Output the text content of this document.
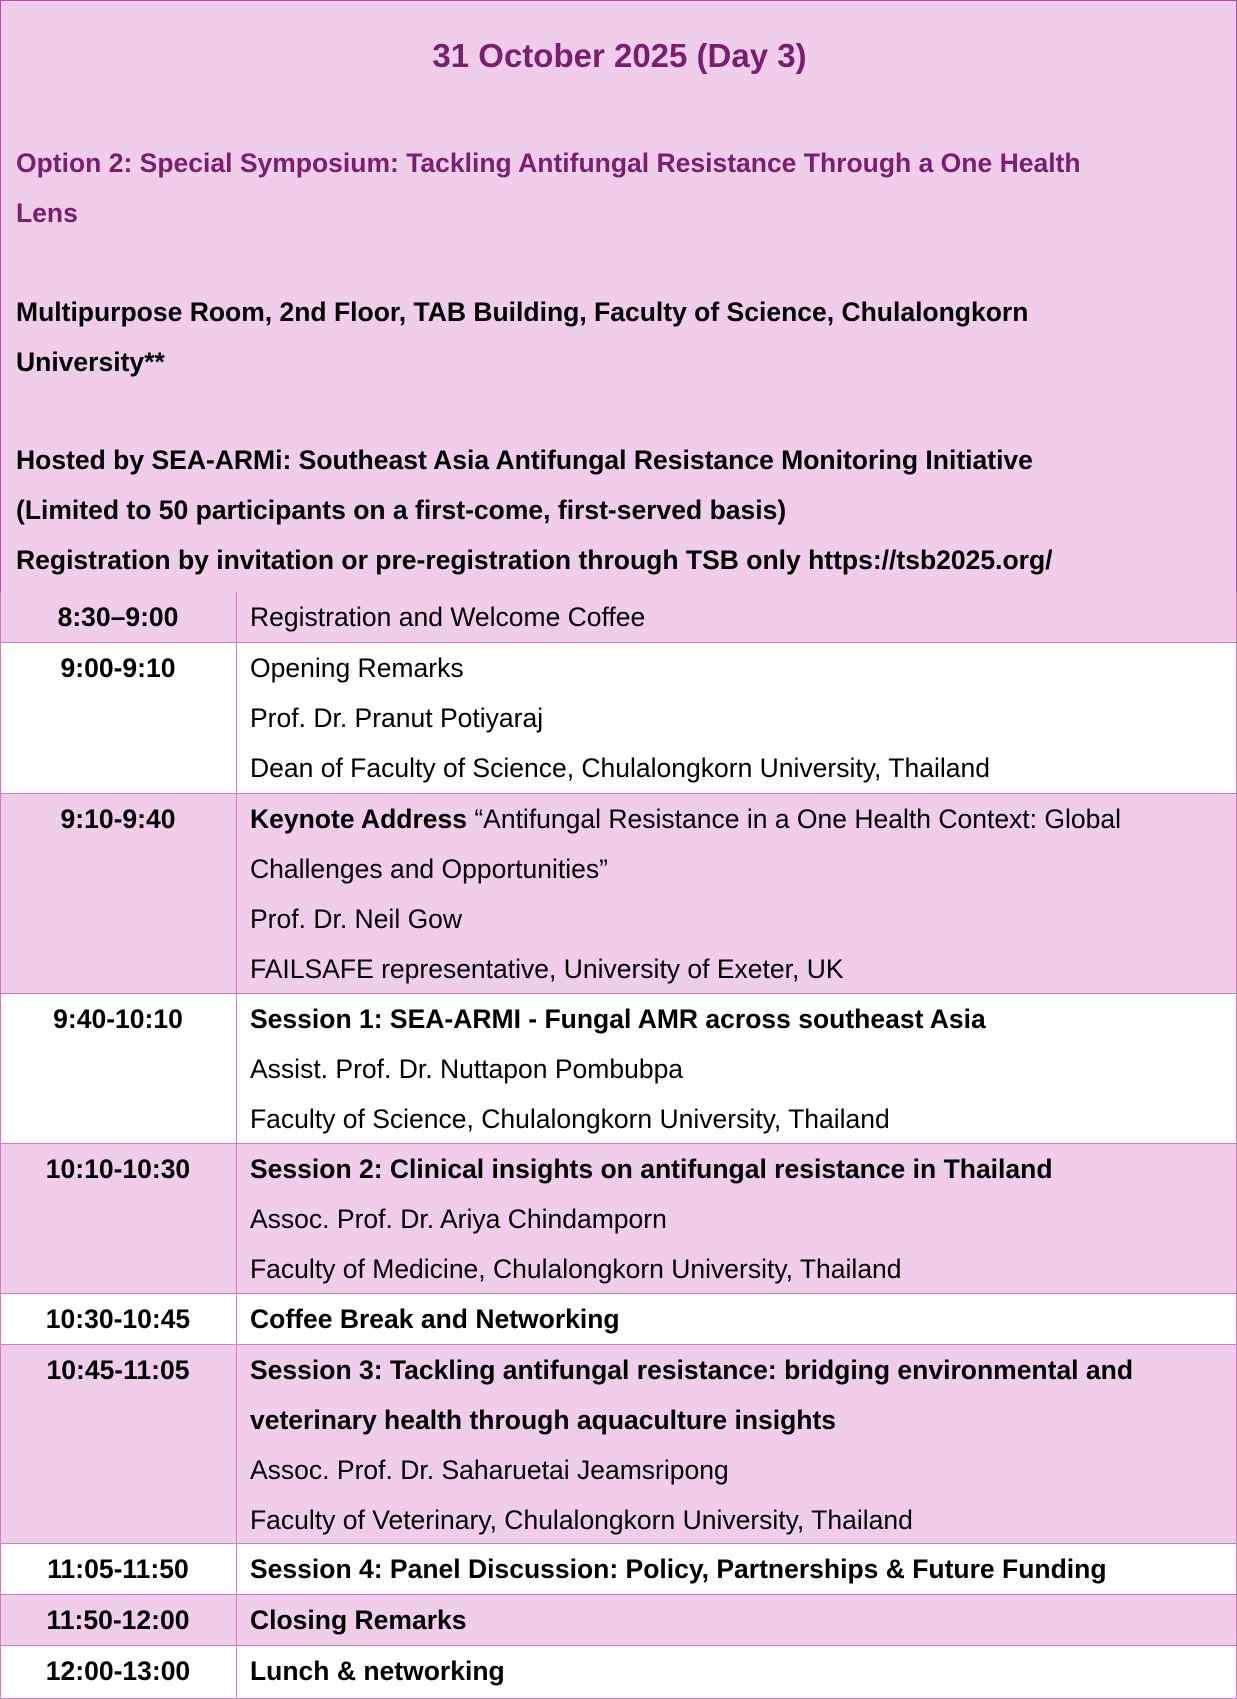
31 October 2025 (Day 3)
Option 2: Special Symposium: Tackling Antifungal Resistance Through a One Health
Lens
Multipurpose Room, 2nd Floor, TAB Building, Faculty of Science, Chulalongkorn
University**
Hosted by SEA-ARMi: Southeast Asia Antifungal Resistance Monitoring Initiative
(Limited to 50 participants on a first-come, first-served basis)
Registration by invitation or pre-registration through TSB only https://tsb2025.org/
8:30–9:00	Registration and Welcome Coffee
9:00-9:10	Opening Remarks
Prof. Dr. Pranut Potiyaraj
Dean of Faculty of Science, Chulalongkorn University, Thailand
9:10-9:40	Keynote Address “Antifungal Resistance in a One Health Context: Global
Challenges and Opportunities”
Prof. Dr. Neil Gow
FAILSAFE representative, University of Exeter, UK
9:40-10:10	Session 1: SEA-ARMI - Fungal AMR across southeast Asia
Assist. Prof. Dr. Nuttapon Pombubpa
Faculty of Science, Chulalongkorn University, Thailand
10:10-10:30	Session 2: Clinical insights on antifungal resistance in Thailand
Assoc. Prof. Dr. Ariya Chindamporn
Faculty of Medicine, Chulalongkorn University, Thailand
10:30-10:45	Coffee Break and Networking
10:45-11:05	Session 3: Tackling antifungal resistance: bridging environmental and
veterinary health through aquaculture insights
Assoc. Prof. Dr. Saharuetai Jeamsripong
Faculty of Veterinary, Chulalongkorn University, Thailand
11:05-11:50	Session 4: Panel Discussion: Policy, Partnerships & Future Funding
11:50-12:00	Closing Remarks
12:00-13:00	Lunch & networking
